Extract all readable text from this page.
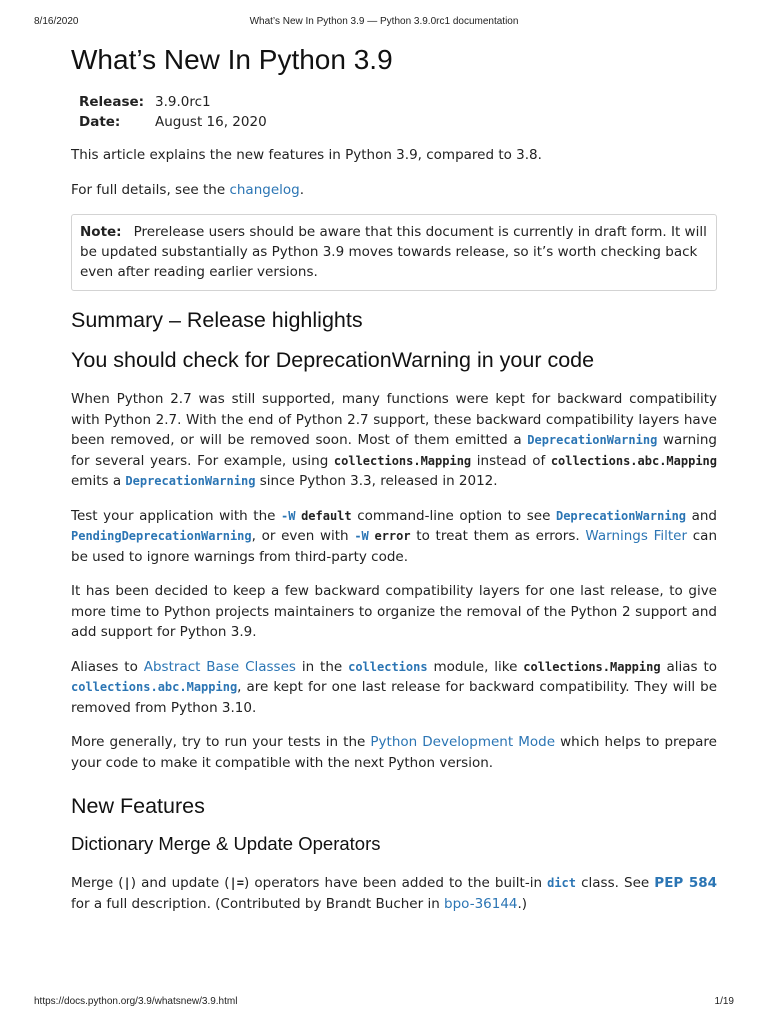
8/16/2020	What’s New In Python 3.9 — Python 3.9.0rc1 documentation
What’s New In Python 3.9
Release: 3.9.0rc1
Date:	August 16, 2020

This article explains the new features in Python 3.9, compared to 3.8.

For full details, see the changelog.

Note: Prerelease users should be aware that this document is currently in draft form. It will be updated substantially as Python 3.9 moves towards release, so it’s worth checking back even after reading earlier versions.
Summary – Release highlights
You should check for DeprecationWarning in your code

When Python 2.7 was still supported, many functions were kept for backward compatibility with Python 2.7. With the end of Python 2.7 support, these backward compatibility layers have been removed, or will be removed soon. Most of them emitted a DeprecationWarning warning for several years. For example, using collections.Mapping instead of collections.abc.Mapping emits a DeprecationWarning since Python 3.3, released in 2012.

Test your application with the -W default command-line option to see DeprecationWarning and PendingDeprecationWarning, or even with -W error to treat them as errors. Warnings Filter can be used to ignore warnings from third-party code.

It has been decided to keep a few backward compatibility layers for one last release, to give more time to Python projects maintainers to organize the removal of the Python 2 support and add support for Python 3.9.

Aliases to Abstract Base Classes in the collections module, like collections.Mapping alias to collections.abc.Mapping, are kept for one last release for backward compatibility. They will be removed from Python 3.10.

More generally, try to run your tests in the Python Development Mode which helps to prepare your code to make it compatible with the next Python version.

New Features
Dictionary Merge & Update Operators

Merge (|) and update (|=) operators have been added to the built-in dict class. See PEP 584 for a full description. (Contributed by Brandt Bucher in bpo-36144.)

https://docs.python.org/3.9/whatsnew/3.9.html	1/19
